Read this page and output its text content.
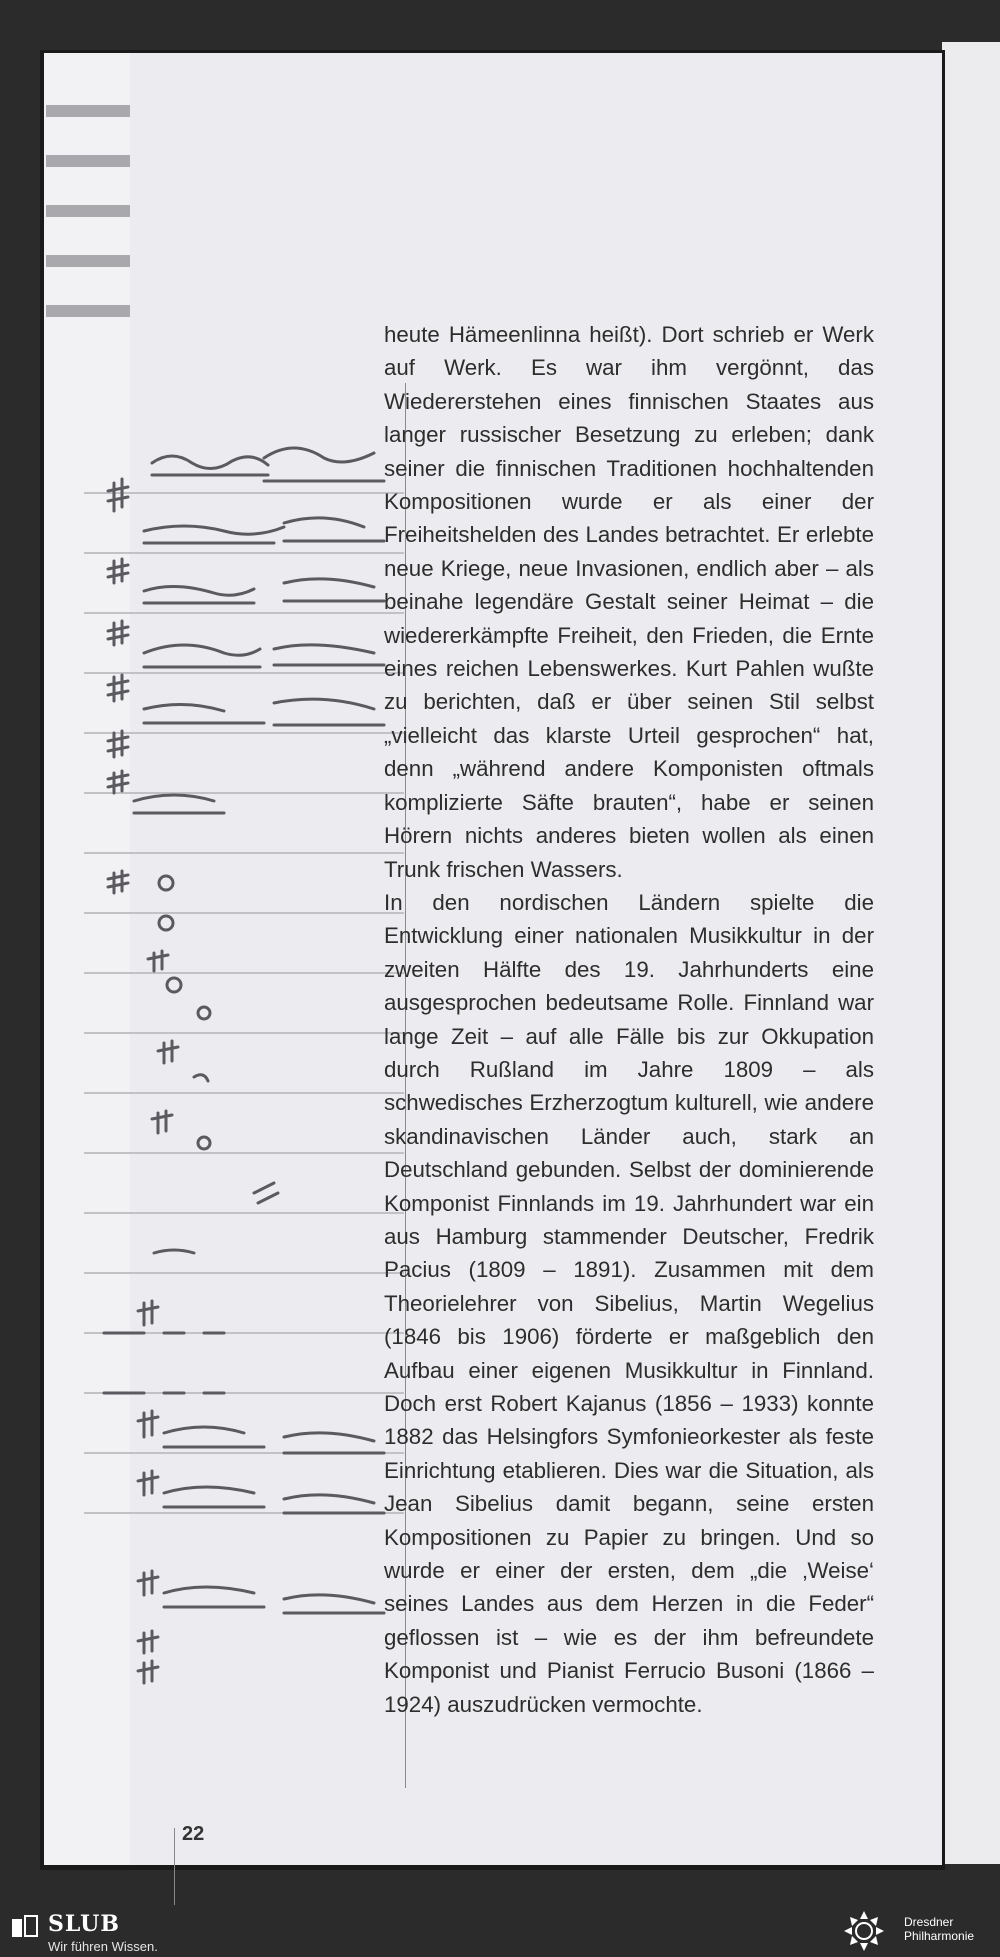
22

heute Hämeenlinna heißt). Dort schrieb er Werk auf Werk. Es war ihm vergönnt, das Wiedererstehen eines finnischen Staates aus langer russischer Besetzung zu erleben; dank seiner die finnischen Traditionen hochhaltenden Kompositionen wurde er als einer der Freiheitshelden des Landes betrachtet. Er erlebte neue Kriege, neue Invasionen, endlich aber – als beinahe legendäre Gestalt seiner Heimat – die wiedererkämpfte Freiheit, den Frieden, die Ernte eines reichen Lebenswerkes. Kurt Pahlen wußte zu berichten, daß er über seinen Stil selbst „vielleicht das klarste Urteil gesprochen“ hat, denn „während andere Komponisten oftmals komplizierte Säfte brauten“, habe er seinen Hörern nichts anderes bieten wollen als einen Trunk frischen Wassers.

In den nordischen Ländern spielte die Entwicklung einer nationalen Musikkultur in der zweiten Hälfte des 19. Jahrhunderts eine ausgesprochen bedeutsame Rolle. Finnland war lange Zeit – auf alle Fälle bis zur Okkupation durch Rußland im Jahre 1809 – als schwedisches Erzherzogtum kulturell, wie andere skandinavischen Länder auch, stark an Deutschland gebunden. Selbst der dominierende Komponist Finnlands im 19. Jahrhundert war ein aus Hamburg stammender Deutscher, Fredrik Pacius (1809 – 1891). Zusammen mit dem Theorielehrer von Sibelius, Martin Wegelius (1846 bis 1906) förderte er maßgeblich den Aufbau einer eigenen Musikkultur in Finnland. Doch erst Robert Kajanus (1856 – 1933) konnte 1882 das Helsingfors Symfonieorkester als feste Einrichtung etablieren. Dies war die Situation, als Jean Sibelius damit begann, seine ersten Kompositionen zu Papier zu bringen. Und so wurde er einer der ersten, dem „die ‚Weise‘ seines Landes aus dem Herzen in die Feder“ geflossen ist – wie es der ihm befreundete Komponist und Pianist Ferrucio Busoni (1866 – 1924) auszudrücken vermochte.

SLUB
Wir führen Wissen.
Dresdner
Philharmonie
